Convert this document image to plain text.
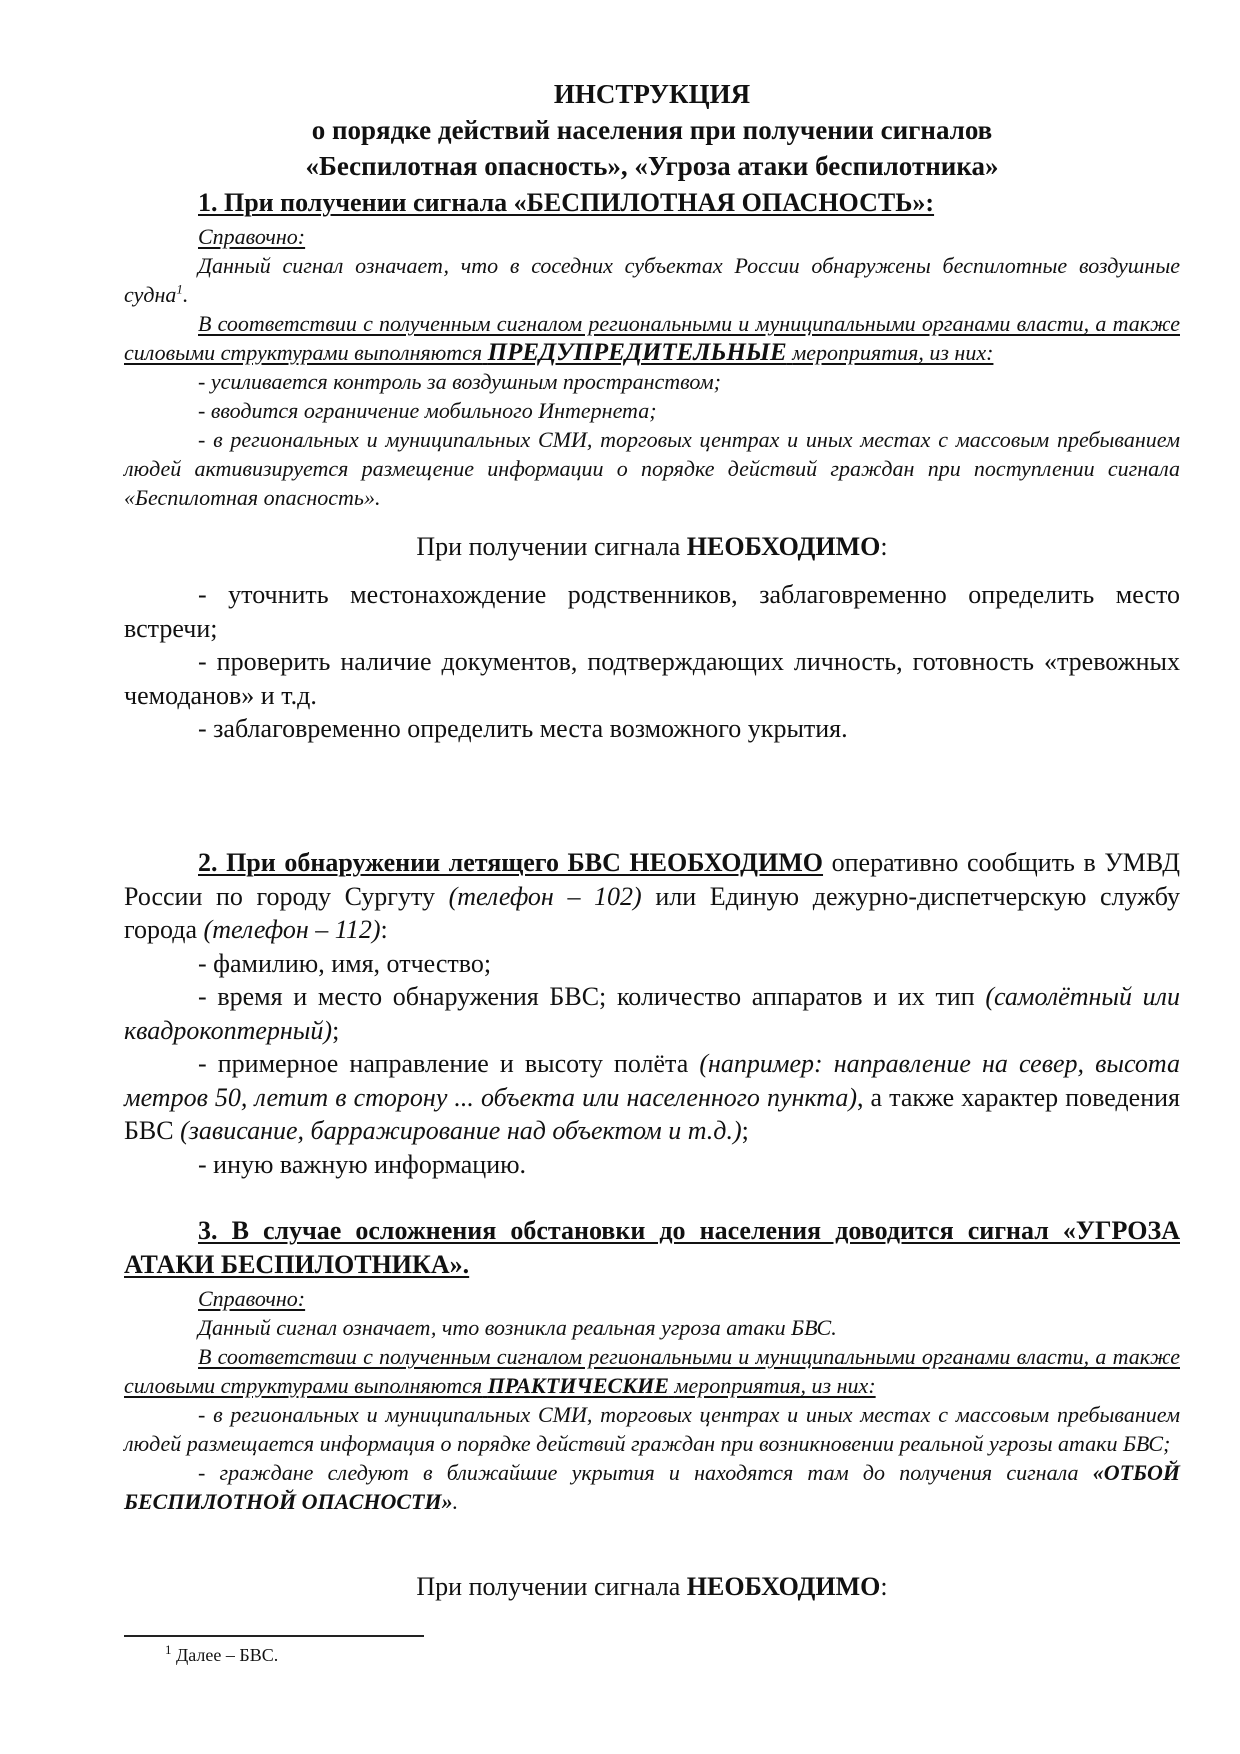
ИНСТРУКЦИЯ
о порядке действий населения при получении сигналов
«Беспилотная опасность», «Угроза атаки беспилотника»
1. При получении сигнала «БЕСПИЛОТНАЯ ОПАСНОСТЬ»:

Справочно:

Данный сигнал означает, что в соседних субъектах России обнаружены беспилотные воздушные судна$^1$.

В соответствии с полученным сигналом региональными и муниципальными органами власти, а также силовыми структурами выполняются ПРЕДУПРЕДИТЕЛЬНЫЕ мероприятия, из них:

- усиливается контроль за воздушным пространством;

- вводится ограничение мобильного Интернета;

- в региональных и муниципальных СМИ, торговых центрах и иных местах с массовым пребыванием людей активизируется размещение информации о порядке действий граждан при поступлении сигнала «Беспилотная опасность».

При получении сигнала НЕОБХОДИМО:

- уточнить местонахождение родственников, заблаговременно определить место встречи;

- проверить наличие документов, подтверждающих личность, готовность «тревожных чемоданов» и т.д.

- заблаговременно определить места возможного укрытия.

2. При обнаружении летящего БВС НЕОБХОДИМО оперативно сообщить в УМВД России по городу Сургуту (телефон – 102) или Единую дежурно-диспетчерскую службу города (телефон – 112):

- фамилию, имя, отчество;

- время и место обнаружения БВС; количество аппаратов и их тип (самолётный или квадрокоптерный);

- примерное направление и высоту полёта (например: направление на север, высота метров 50, летит в сторону ... объекта или населенного пункта), а также характер поведения БВС (зависание, барражирование над объектом и т.д.);

- иную важную информацию.

3. В случае осложнения обстановки до населения доводится сигнал «УГРОЗА АТАКИ БЕСПИЛОТНИКА».

Справочно:

Данный сигнал означает, что возникла реальная угроза атаки БВС.

В соответствии с полученным сигналом региональными и муниципальными органами власти, а также силовыми структурами выполняются ПРАКТИЧЕСКИЕ мероприятия, из них:

- в региональных и муниципальных СМИ, торговых центрах и иных местах с массовым пребыванием людей размещается информация о порядке действий граждан при возникновении реальной угрозы атаки БВС;

- граждане следуют в ближайшие укрытия и находятся там до получения сигнала «ОТБОЙ БЕСПИЛОТНОЙ ОПАСНОСТИ».

При получении сигнала НЕОБХОДИМО:
$^1$ Далее – БВС.
